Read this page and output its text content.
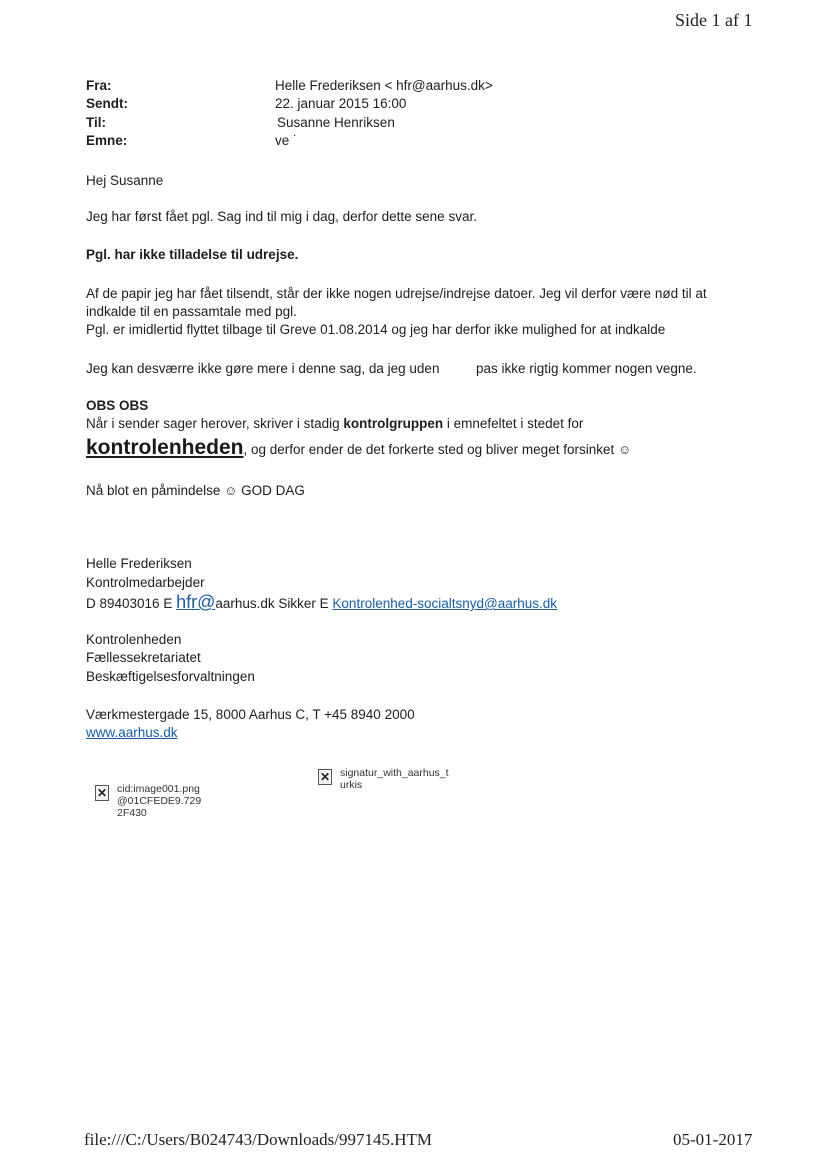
Side 1 af 1
Fra:	Helle Frederiksen < hfr@aarhus.dk>
Sendt:	22. januar 2015 16:00
Til:	Susanne Henriksen
Emne:	ve ˙
Hej Susanne
Jeg har først fået pgl. Sag ind til mig i dag, derfor dette sene svar.
Pgl. har ikke tilladelse til udrejse.
Af de papir jeg har fået tilsendt, står der ikke nogen udrejse/indrejse datoer. Jeg vil derfor være nød til at
indkalde til en passamtale med pgl.
Pgl. er imidlertid flyttet tilbage til Greve 01.08.2014 og jeg har derfor ikke mulighed for at indkalde
Jeg kan desværre ikke gøre mere i denne sag, da jeg uden	pas ikke rigtig kommer nogen vegne.
OBS OBS
Når i sender sager herover, skriver i stadig kontrolgruppen i emnefeltet i stedet for
kontrolenheden, og derfor ender de det forkerte sted og bliver meget forsinket ☺
Nå blot en påmindelse ☺ GOD DAG
Helle Frederiksen
Kontrolmedarbejder
D 89403016 E hfr@aarhus.dk Sikker E Kontrolenhed-socialtsnyd@aarhus.dk
Kontrolenheden
Fællessekretariatet
Beskæftigelsesforvaltningen
Værkmestergade 15, 8000 Aarhus C, T +45 8940 2000
www.aarhus.dk
✕ cid:image001.png
@01CFEDE9.729
2F430
✕ signatur_with_aarhus_t
urkis
file:///C:/Users/B024743/Downloads/997145.HTM	05-01-2017
